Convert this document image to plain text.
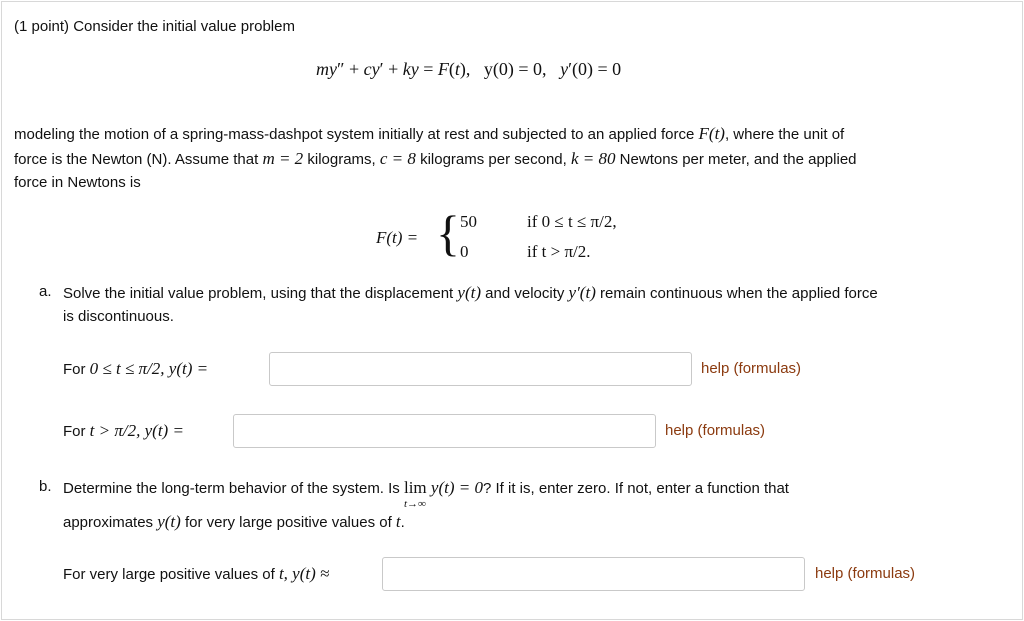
(1 point) Consider the initial value problem
my″ + cy′ + ky = F(t),   y(0) = 0, y′(0) = 0
modeling the motion of a spring-mass-dashpot system initially at rest and subjected to an applied force F(t), where the unit of
force is the Newton (N). Assume that m = 2 kilograms, c = 8 kilograms per second, k = 80 Newtons per meter, and the applied
force in Newtons is
F(t) = { 50	if 0 ≤ t ≤ π/2,
0	if t > π/2.
a. Solve the initial value problem, using that the displacement y(t) and velocity y′(t) remain continuous when the applied force
is discontinuous.
For 0 ≤ t ≤ π/2, y(t) =	help (formulas)
For t > π/2, y(t) =	help (formulas)
b. Determine the long-term behavior of the system. Is lim
t→∞
y(t) = 0? If it is, enter zero. If not, enter a function that
approximates y(t) for very large positive values of t.
For very large positive values of t, y(t) ≈	help (formulas)
